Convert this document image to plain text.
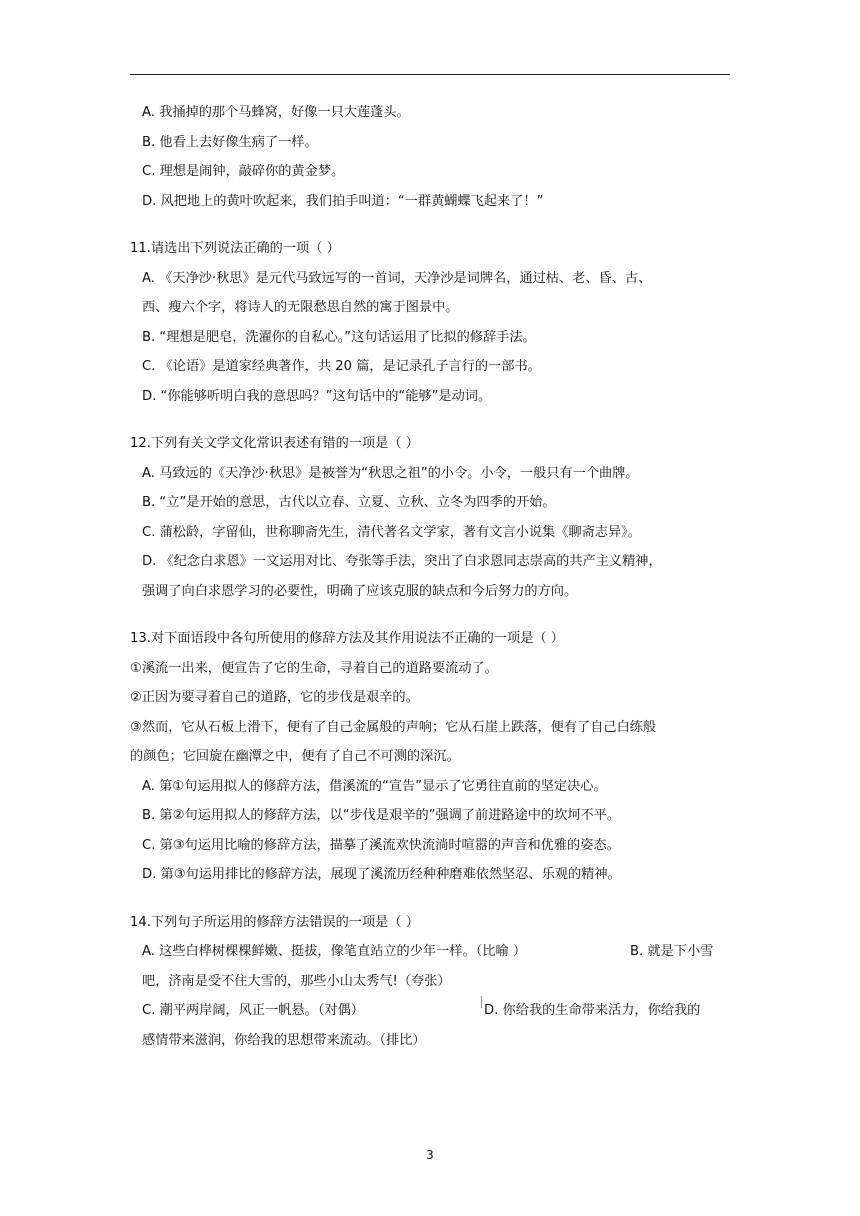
A. 我捅掉的那个马蜂窝，好像一只大莲蓬头。
B. 他看上去好像生病了一样。
C. 理想是闹钟，敲碎你的黄金梦。
D. 风把地上的黄叶吹起来，我们拍手叫道：“一群黄蝴蝶飞起来了！”
11.请选出下列说法正确的一项（ ）
A. 《天净沙·秋思》是元代马致远写的一首词，天净沙是词牌名，通过枯、老、昏、古、
西、瘦六个字，将诗人的无限愁思自然的寓于图景中。
B. “理想是肥皂，洗濯你的自私心。”这句话运用了比拟的修辞手法。
C. 《论语》是道家经典著作，共 20 篇，是记录孔子言行的一部书。
D. “你能够听明白我的意思吗？”这句话中的“能够”是动词。
12.下列有关文学文化常识表述有错的一项是（ ）
A. 马致远的《天净沙·秋思》是被誉为“秋思之祖”的小令。小令，一般只有一个曲牌。
B. “立”是开始的意思，古代以立春、立夏、立秋、立冬为四季的开始。
C. 蒲松龄，字留仙，世称聊斋先生，清代著名文学家，著有文言小说集《聊斋志异》。
D. 《纪念白求恩》一文运用对比、夸张等手法，突出了白求恩同志崇高的共产主义精神，
强调了向白求恩学习的必要性，明确了应该克服的缺点和今后努力的方向。
13.对下面语段中各句所使用的修辞方法及其作用说法不正确的一项是（ ）
①溪流一出来，便宣告了它的生命，寻着自己的道路要流动了。
②正因为要寻着自己的道路，它的步伐是艰辛的。
③然而，它从石板上滑下，便有了自己金属般的声响；它从石崖上跌落，便有了自己白练般
的颜色；它回旋在幽潭之中，便有了自己不可测的深沉。
A. 第①句运用拟人的修辞方法，借溪流的“宣告”显示了它勇往直前的坚定决心。
B. 第②句运用拟人的修辞方法，以“步伐是艰辛的”强调了前进路途中的坎坷不平。
C. 第③句运用比喻的修辞方法，描摹了溪流欢快流淌时喧嚣的声音和优雅的姿态。
D. 第③句运用排比的修辞方法，展现了溪流历经种种磨难依然坚忍、乐观的精神。
14.下列句子所运用的修辞方法错误的一项是（ ）
A. 这些白桦树棵棵鲜嫩、挺拔，像笔直站立的少年一样。（比喻 ）	B. 就是下小雪
吧，济南是受不住大雪的，那些小山太秀气!（夸张）
C. 潮平两岸阔，风正一帆悬。（对偶）	D. 你给我的生命带来活力，你给我的
感情带来滋润，你给我的思想带来流动。（排比）
3
